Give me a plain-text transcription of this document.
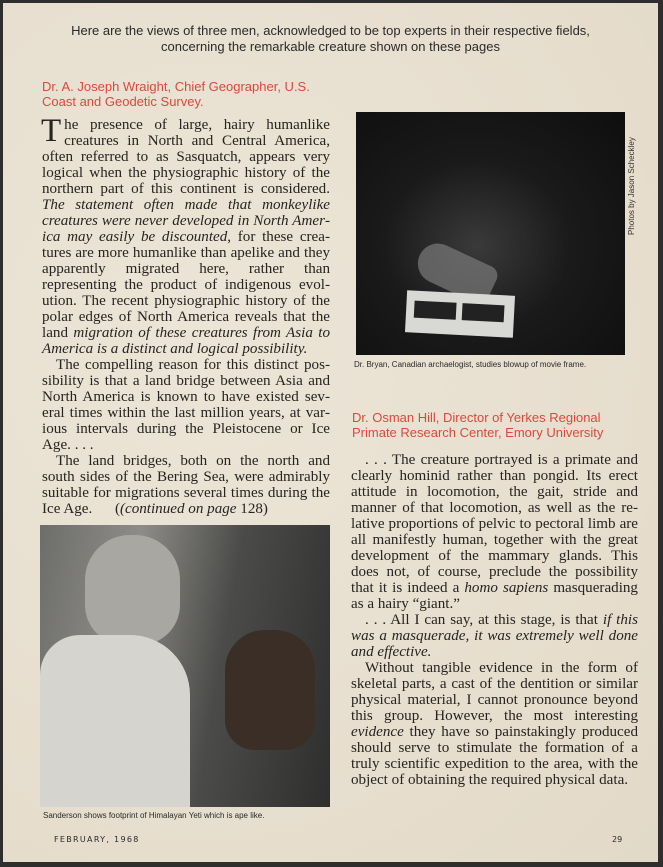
Here are the views of three men, acknowledged to be top experts in their respective fields,
concerning the remarkable creature shown on these pages
Dr. A. Joseph Wraight, Chief Geographer, U.S.
Coast and Geodetic Survey.

The presence of large, hairy humanlike creatures in North and Central America, often referred to as Sasquatch, appears very logical when the physiographic history of the northern part of this continent is considered. The statement often made that monkeylike creatures were never developed in North America may easily be discounted, for these creatures are more humanlike than apelike and they apparently migrated here, rather than representing the product of indigenous evolution. The recent physiographic history of the polar edges of North America reveals that the land migration of these creatures from Asia to America is a distinct and logical possibility.

The compelling reason for this distinct possibility is that a land bridge between Asia and North America is known to have existed several times within the last million years, at various intervals during the Pleistocene or Ice Age. . . .

The land bridges, both on the north and south sides of the Bering Sea, were admirably suitable for migrations several times during the Ice Age.      ((continued on page 128)

Sanderson shows footprint of Himalayan Yeti which is ape like.
Photos by Jason Scheckley
Dr. Bryan, Canadian archaelogist, studies blowup of movie frame.
Dr. Osman Hill, Director of Yerkes Regional
Primate Research Center, Emory University

. . . The creature portrayed is a primate and clearly hominid rather than pongid. Its erect attitude in locomotion, the gait, stride and manner of that locomotion, as well as the relative proportions of pelvic to pectoral limb are all manifestly human, together with the great development of the mammary glands. This does not, of course, preclude the possibility that it is indeed a homo sapiens masquerading as a hairy “giant.”

. . . All I can say, at this stage, is that if this was a masquerade, it was extremely well done and effective.

Without tangible evidence in the form of skeletal parts, a cast of the dentition or similar physical material, I cannot pronounce beyond this group. However, the most interesting evidence they have so painstakingly produced should serve to stimulate the formation of a truly scientific expedition to the area, with the object of obtaining the required physical data.

FEBRUARY, 1968	29
